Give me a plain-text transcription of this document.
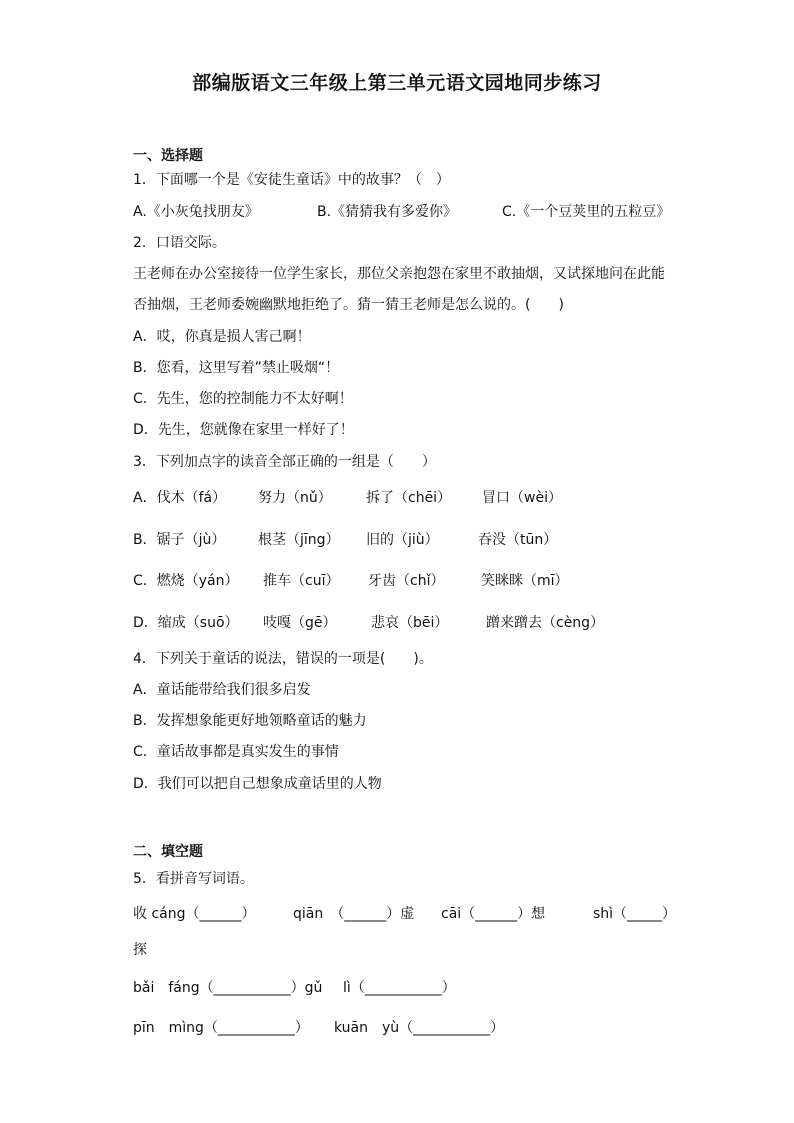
部编版语文三年级上第三单元语文园地同步练习
一、选择题
1．下面哪一个是《安徒生童话》中的故事？（　）
A.《小灰兔找朋友》	B.《猜猜我有多爱你》	C.《一个豆荚里的五粒豆》
2．口语交际。
王老师在办公室接待一位学生家长，那位父亲抱怨在家里不敢抽烟，又试探地问在此能
否抽烟，王老师委婉幽默地拒绝了。猜一猜王老师是怎么说的。(　　)
A．哎，你真是损人害己啊！
B．您看，这里写着”禁止吸烟“！
C．先生，您的控制能力不太好啊！
D．先生，您就像在家里一样好了！
3．下列加点字的读音全部正确的一组是（　　）
A．伐木（fá） 努力（nǔ） 拆了（chēi） 冒口（wèi）
B．锯子（jù） 根茎（jīng） 旧的（jiù）	吞没（tūn）
C．燃烧（yán） 推车（cuī） 牙齿（chǐ）	笑眯眯（mī）
D．缩成（suō） 吱嘎（gē） 悲哀（bēi）	蹭来蹭去（cèng）
4．下列关于童话的说法，错误的一项是(　　)。
A．童话能带给我们很多启发
B．发挥想象能更好地领略童话的魅力
C．童话故事都是真实发生的事情
D．我们可以把自己想象成童话里的人物
二、填空题
5．看拼音写词语。
收 cáng（______）	qiān　（______）虚 cāi（______）想	shì（_____）
探
bǎi　fáng（___________）gǔ lì（___________）
pīn　mìng（___________） kuān　yù（___________）
